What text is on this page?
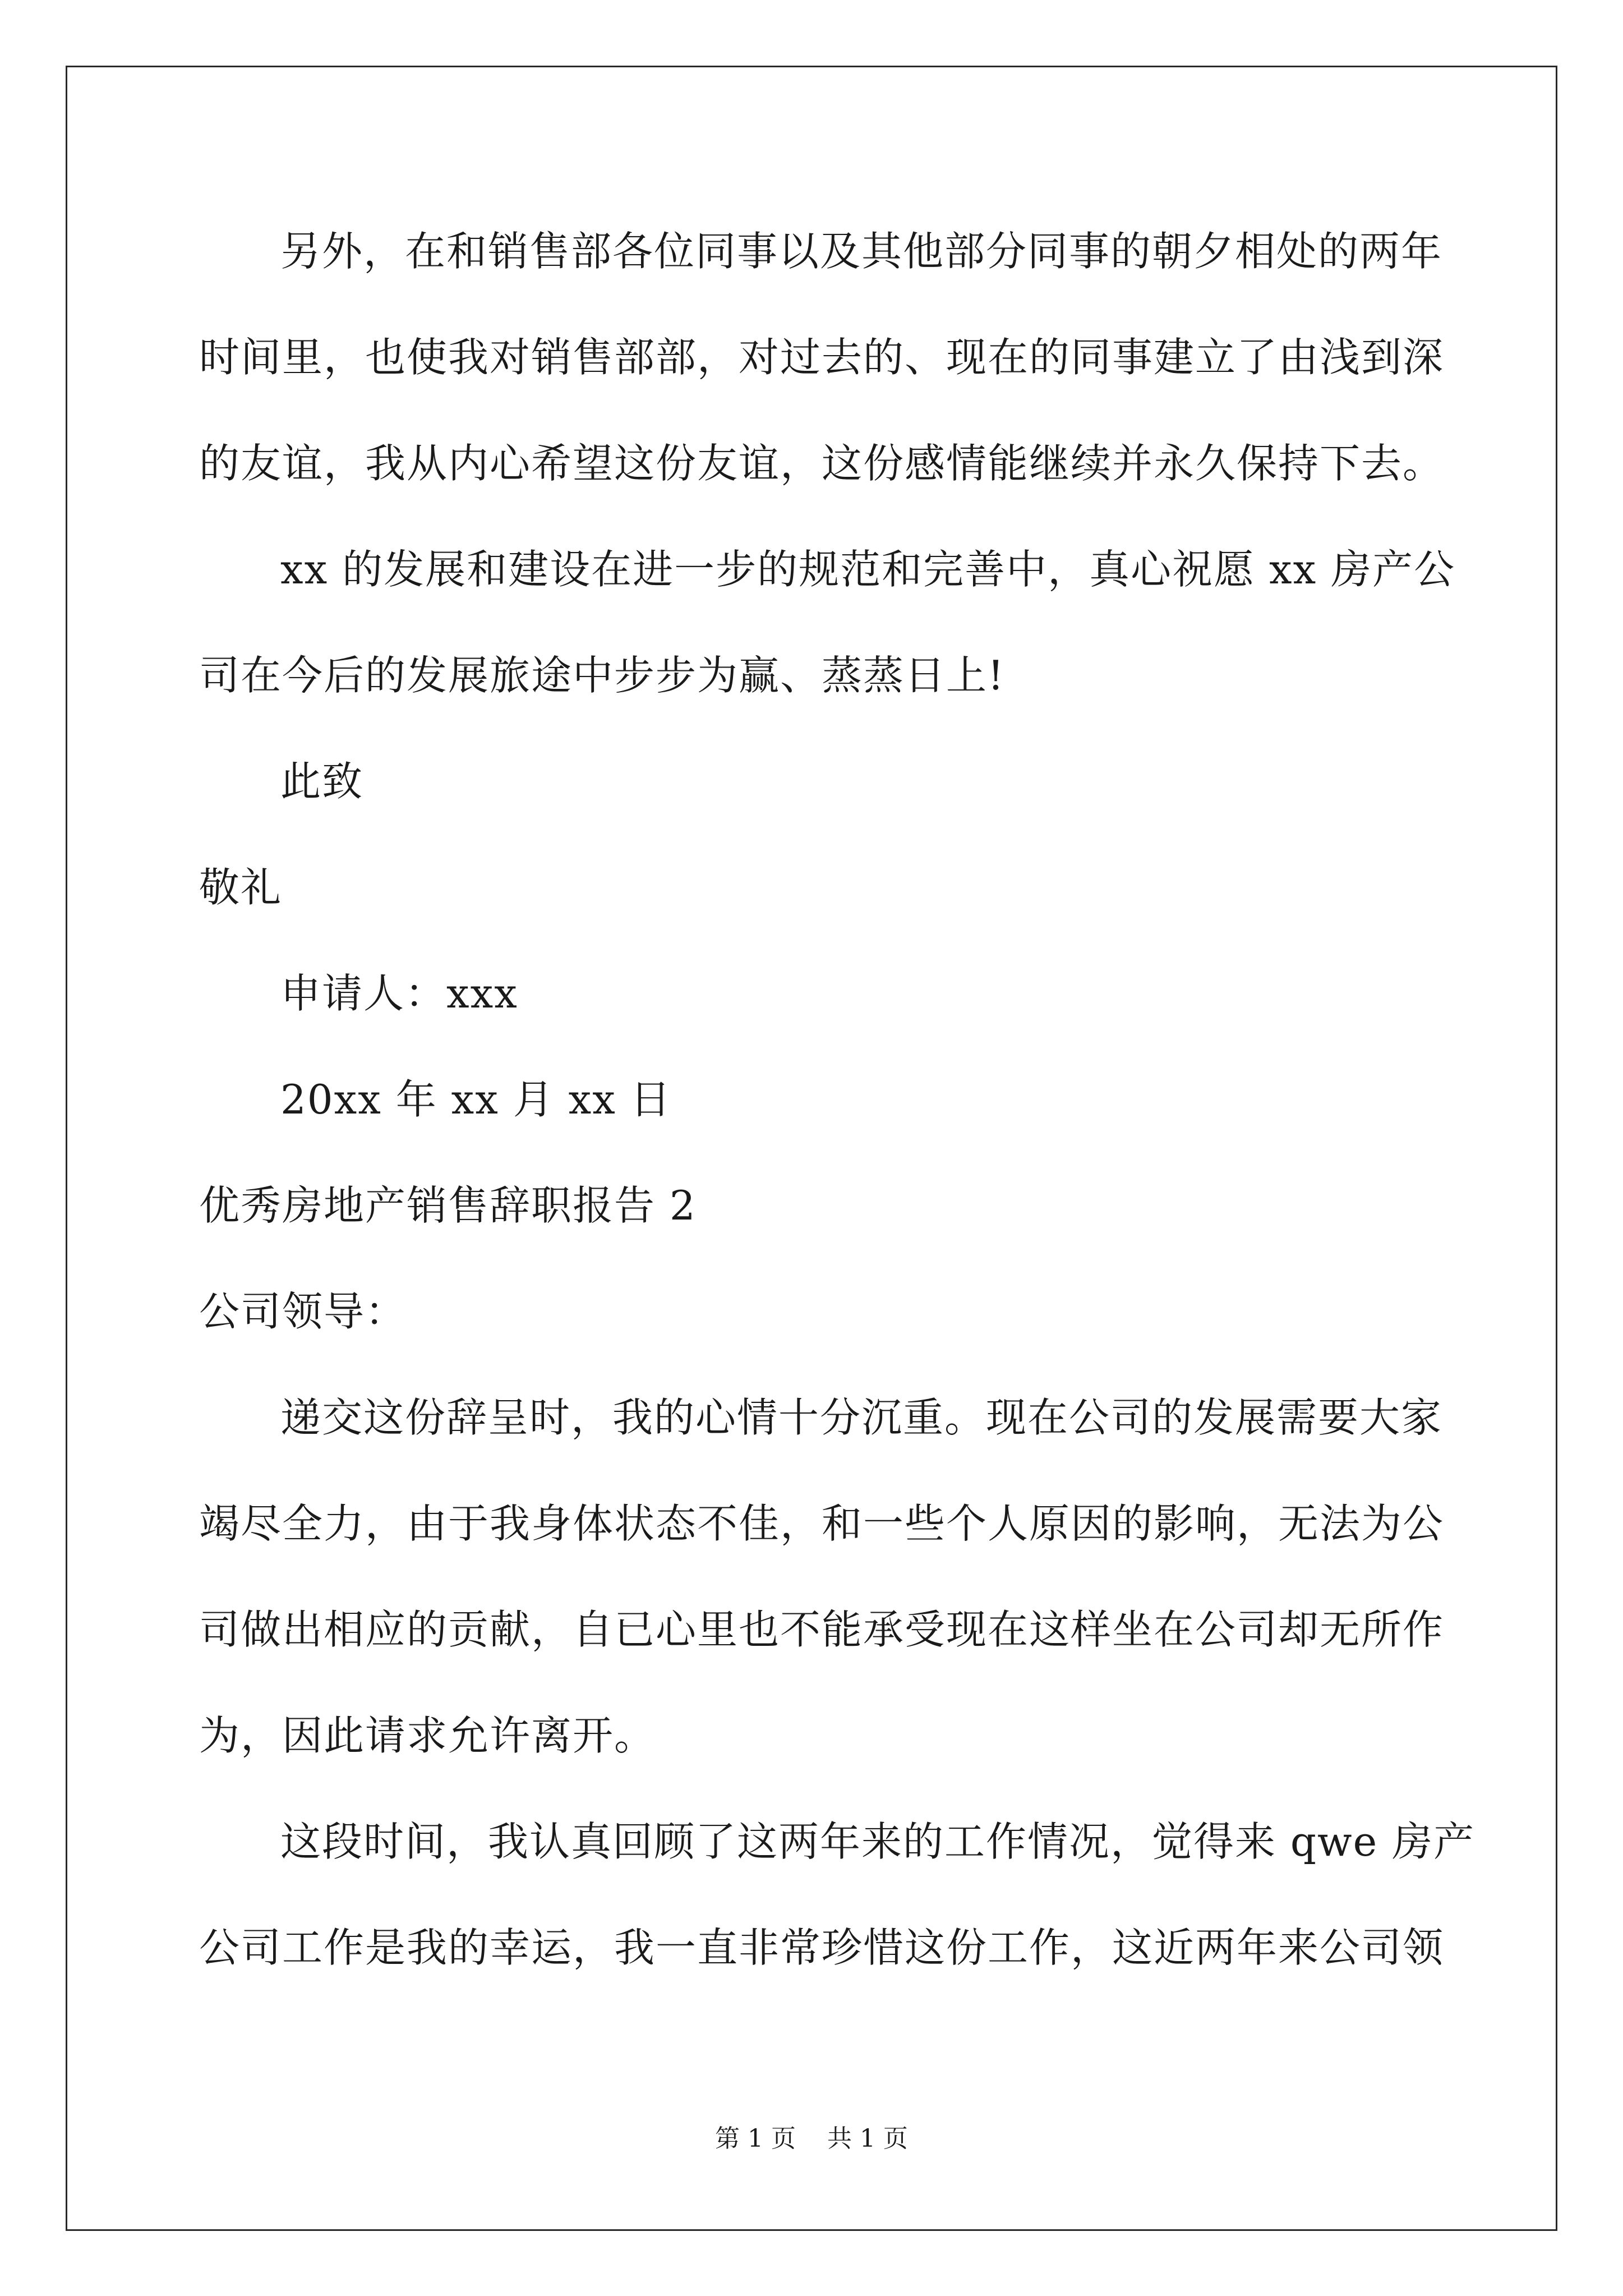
另外，在和销售部各位同事以及其他部分同事的朝夕相处的两年
时间里，也使我对销售部部，对过去的、现在的同事建立了由浅到深
的友谊，我从内心希望这份友谊，这份感情能继续并永久保持下去。
xx 的发展和建设在进一步的规范和完善中，真心祝愿 xx 房产公
司在今后的发展旅途中步步为赢、蒸蒸日上!
此致
敬礼
申请人：xxx
20xx 年 xx 月 xx 日
优秀房地产销售辞职报告 2
公司领导：
递交这份辞呈时，我的心情十分沉重。现在公司的发展需要大家
竭尽全力，由于我身体状态不佳，和一些个人原因的影响，无法为公
司做出相应的贡献，自已心里也不能承受现在这样坐在公司却无所作
为，因此请求允许离开。
这段时间，我认真回顾了这两年来的工作情况，觉得来 qwe 房产
公司工作是我的幸运，我一直非常珍惜这份工作，这近两年来公司领
第 1 页    共 1 页
